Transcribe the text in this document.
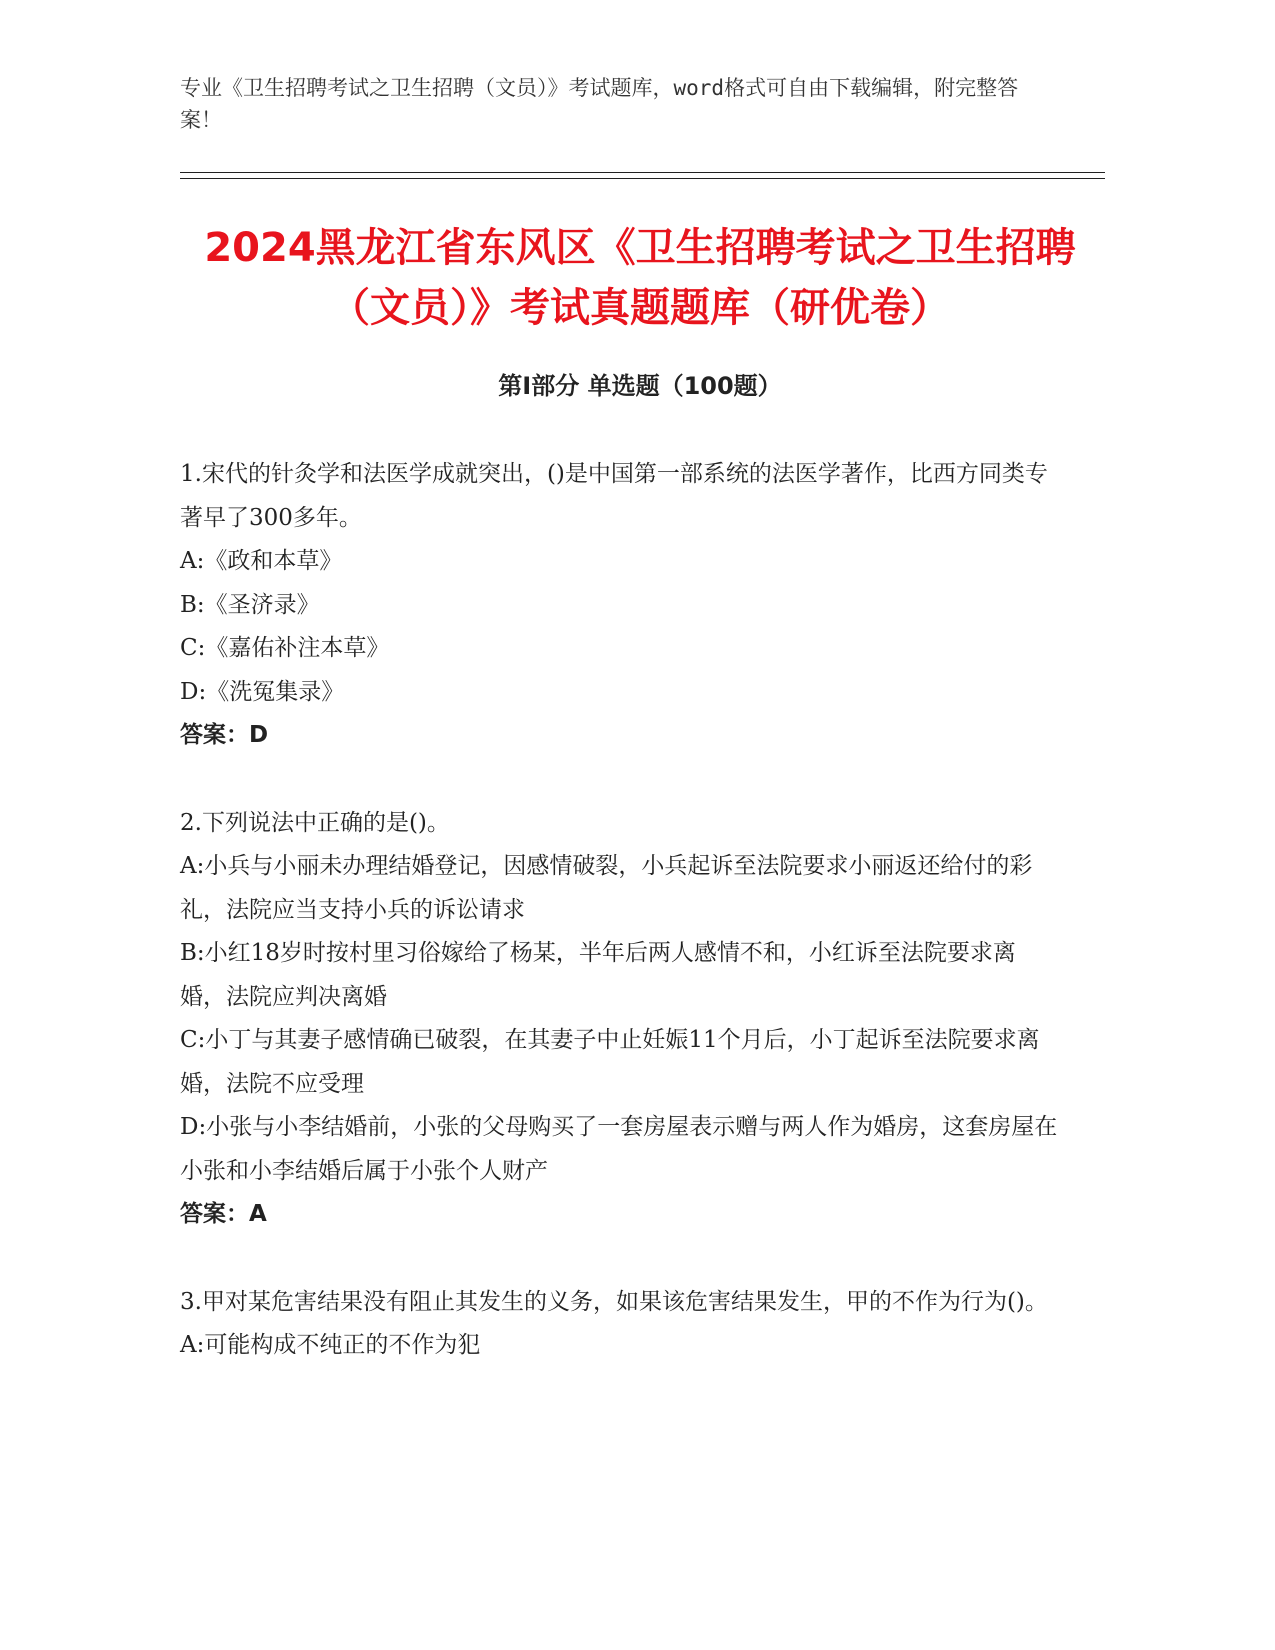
专业《卫生招聘考试之卫生招聘（文员）》考试题库，word格式可自由下载编辑，附完整答案！

2024黑龙江省东风区《卫生招聘考试之卫生招聘（文员）》考试真题题库（研优卷）
第Ⅰ部分 单选题（100题）

1.宋代的针灸学和法医学成就突出，()是中国第一部系统的法医学著作，比西方同类专著早了300多年。

A:《政和本草》

B:《圣济录》

C:《嘉佑补注本草》

D:《洗冤集录》

答案：D

2.下列说法中正确的是()。

A:小兵与小丽未办理结婚登记，因感情破裂，小兵起诉至法院要求小丽返还给付的彩礼，法院应当支持小兵的诉讼请求

B:小红18岁时按村里习俗嫁给了杨某，半年后两人感情不和，小红诉至法院要求离婚，法院应判决离婚

C:小丁与其妻子感情确已破裂，在其妻子中止妊娠11个月后，小丁起诉至法院要求离婚，法院不应受理

D:小张与小李结婚前，小张的父母购买了一套房屋表示赠与两人作为婚房，这套房屋在小张和小李结婚后属于小张个人财产

答案：A

3.甲对某危害结果没有阻止其发生的义务，如果该危害结果发生，甲的不作为行为()。

A:可能构成不纯正的不作为犯
